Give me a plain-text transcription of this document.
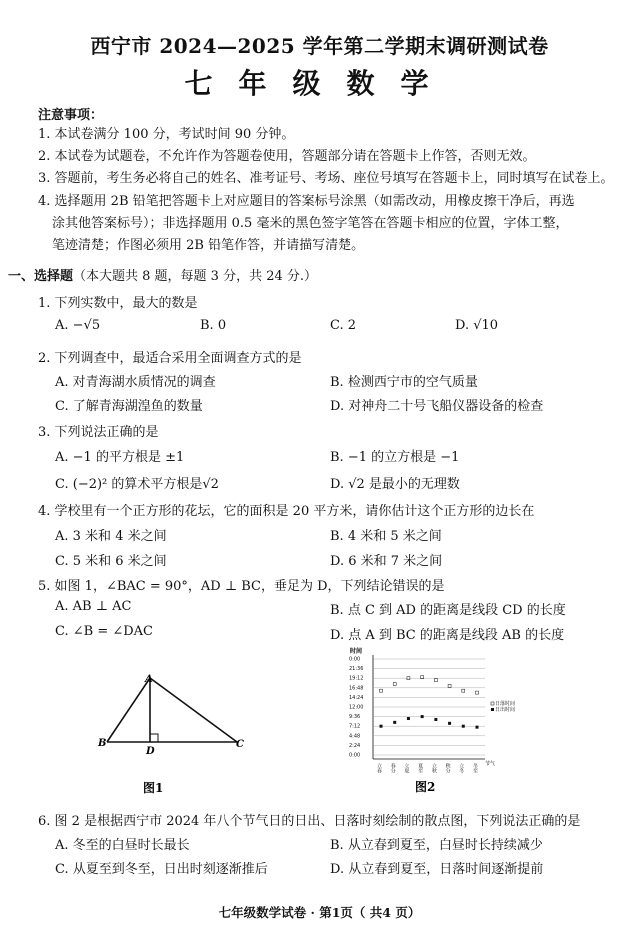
西宁市 2024—2025 学年第二学期末调研测试卷
七年级数学
注意事项：
1. 本试卷满分 100 分，考试时间 90 分钟。
2. 本试卷为试题卷，不允许作为答题卷使用，答题部分请在答题卡上作答，否则无效。
3. 答题前，考生务必将自己的姓名、准考证号、考场、座位号填写在答题卡上，同时填写在试卷上。
4. 选择题用 2B 铅笔把答题卡上对应题目的答案标号涂黑（如需改动，用橡皮擦干净后，再选
涂其他答案标号）；非选择题用 0.5 毫米的黑色签字笔答在答题卡相应的位置，字体工整，
笔迹清楚；作图必须用 2B 铅笔作答，并请描写清楚。
一、选择题（本大题共 8 题，每题 3 分，共 24 分.）
1. 下列实数中，最大的数是
A. −√5	B. 0	C. 2	D. √10
2. 下列调查中，最适合采用全面调查方式的是
A. 对青海湖水质情况的调查	B. 检测西宁市的空气质量
C. 了解青海湖湟鱼的数量	D. 对神舟二十号飞船仪器设备的检查
3. 下列说法正确的是
A. −1 的平方根是 ±1	B. −1 的立方根是 −1
C. (−2)² 的算术平方根是√2	D. √2 是最小的无理数
4. 学校里有一个正方形的花坛，它的面积是 20 平方米，请你估计这个正方形的边长在
A. 3 米和 4 米之间	B. 4 米和 5 米之间
C. 5 米和 6 米之间	D. 6 米和 7 米之间
5. 如图 1，∠BAC = 90°，AD ⊥ BC，垂足为 D，下列结论错误的是
A. AB ⊥ AC	B. 点 C 到 AD 的距离是线段 CD 的长度
C. ∠B = ∠DAC	D. 点 A 到 BC 的距离是线段 AB 的长度
A
B	C
D
图1
时间
0:00
21:36
19:12
16:48
14:24
12:00
9:36
7:12
4:48
2:24
0:00
立春 春分 立夏 夏至 立秋 秋分 立冬 冬至 节气
日落时间
日出时间
图2
6. 图 2 是根据西宁市 2024 年八个节气日的日出、日落时刻绘制的散点图，下列说法正确的是
A. 冬至的白昼时长最长	B. 从立春到夏至，白昼时长持续减少
C. 从夏至到冬至，日出时刻逐渐推后	D. 从立春到夏至，日落时间逐渐提前
七年级数学试卷 · 第1页（ 共4 页）
